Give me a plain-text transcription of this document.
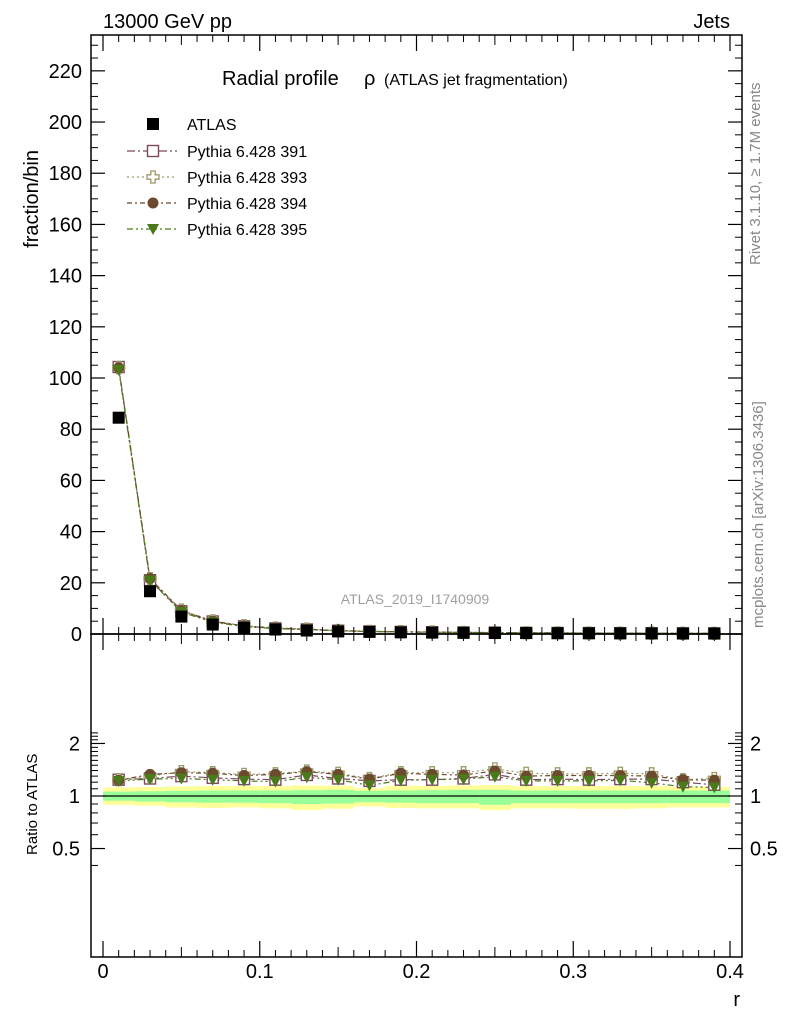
13000 GeV pp	Jets
Rivet 3.1.10, ≥ 1.7M events
mcplots.cern.ch [arXiv:1306.3436]
Radial profile ρ (ATLAS jet fragmentation)
fraction/bin
Ratio to ATLAS
r
ATLAS_2019_I1740909
0
20
40
60
80
100
120
140
160
180
200
220
0.5	0.5
1	1
2	2
0	0.1	0.2	0.3	0.4
ATLAS
Pythia 6.428 391
Pythia 6.428 393
Pythia 6.428 394
Pythia 6.428 395
